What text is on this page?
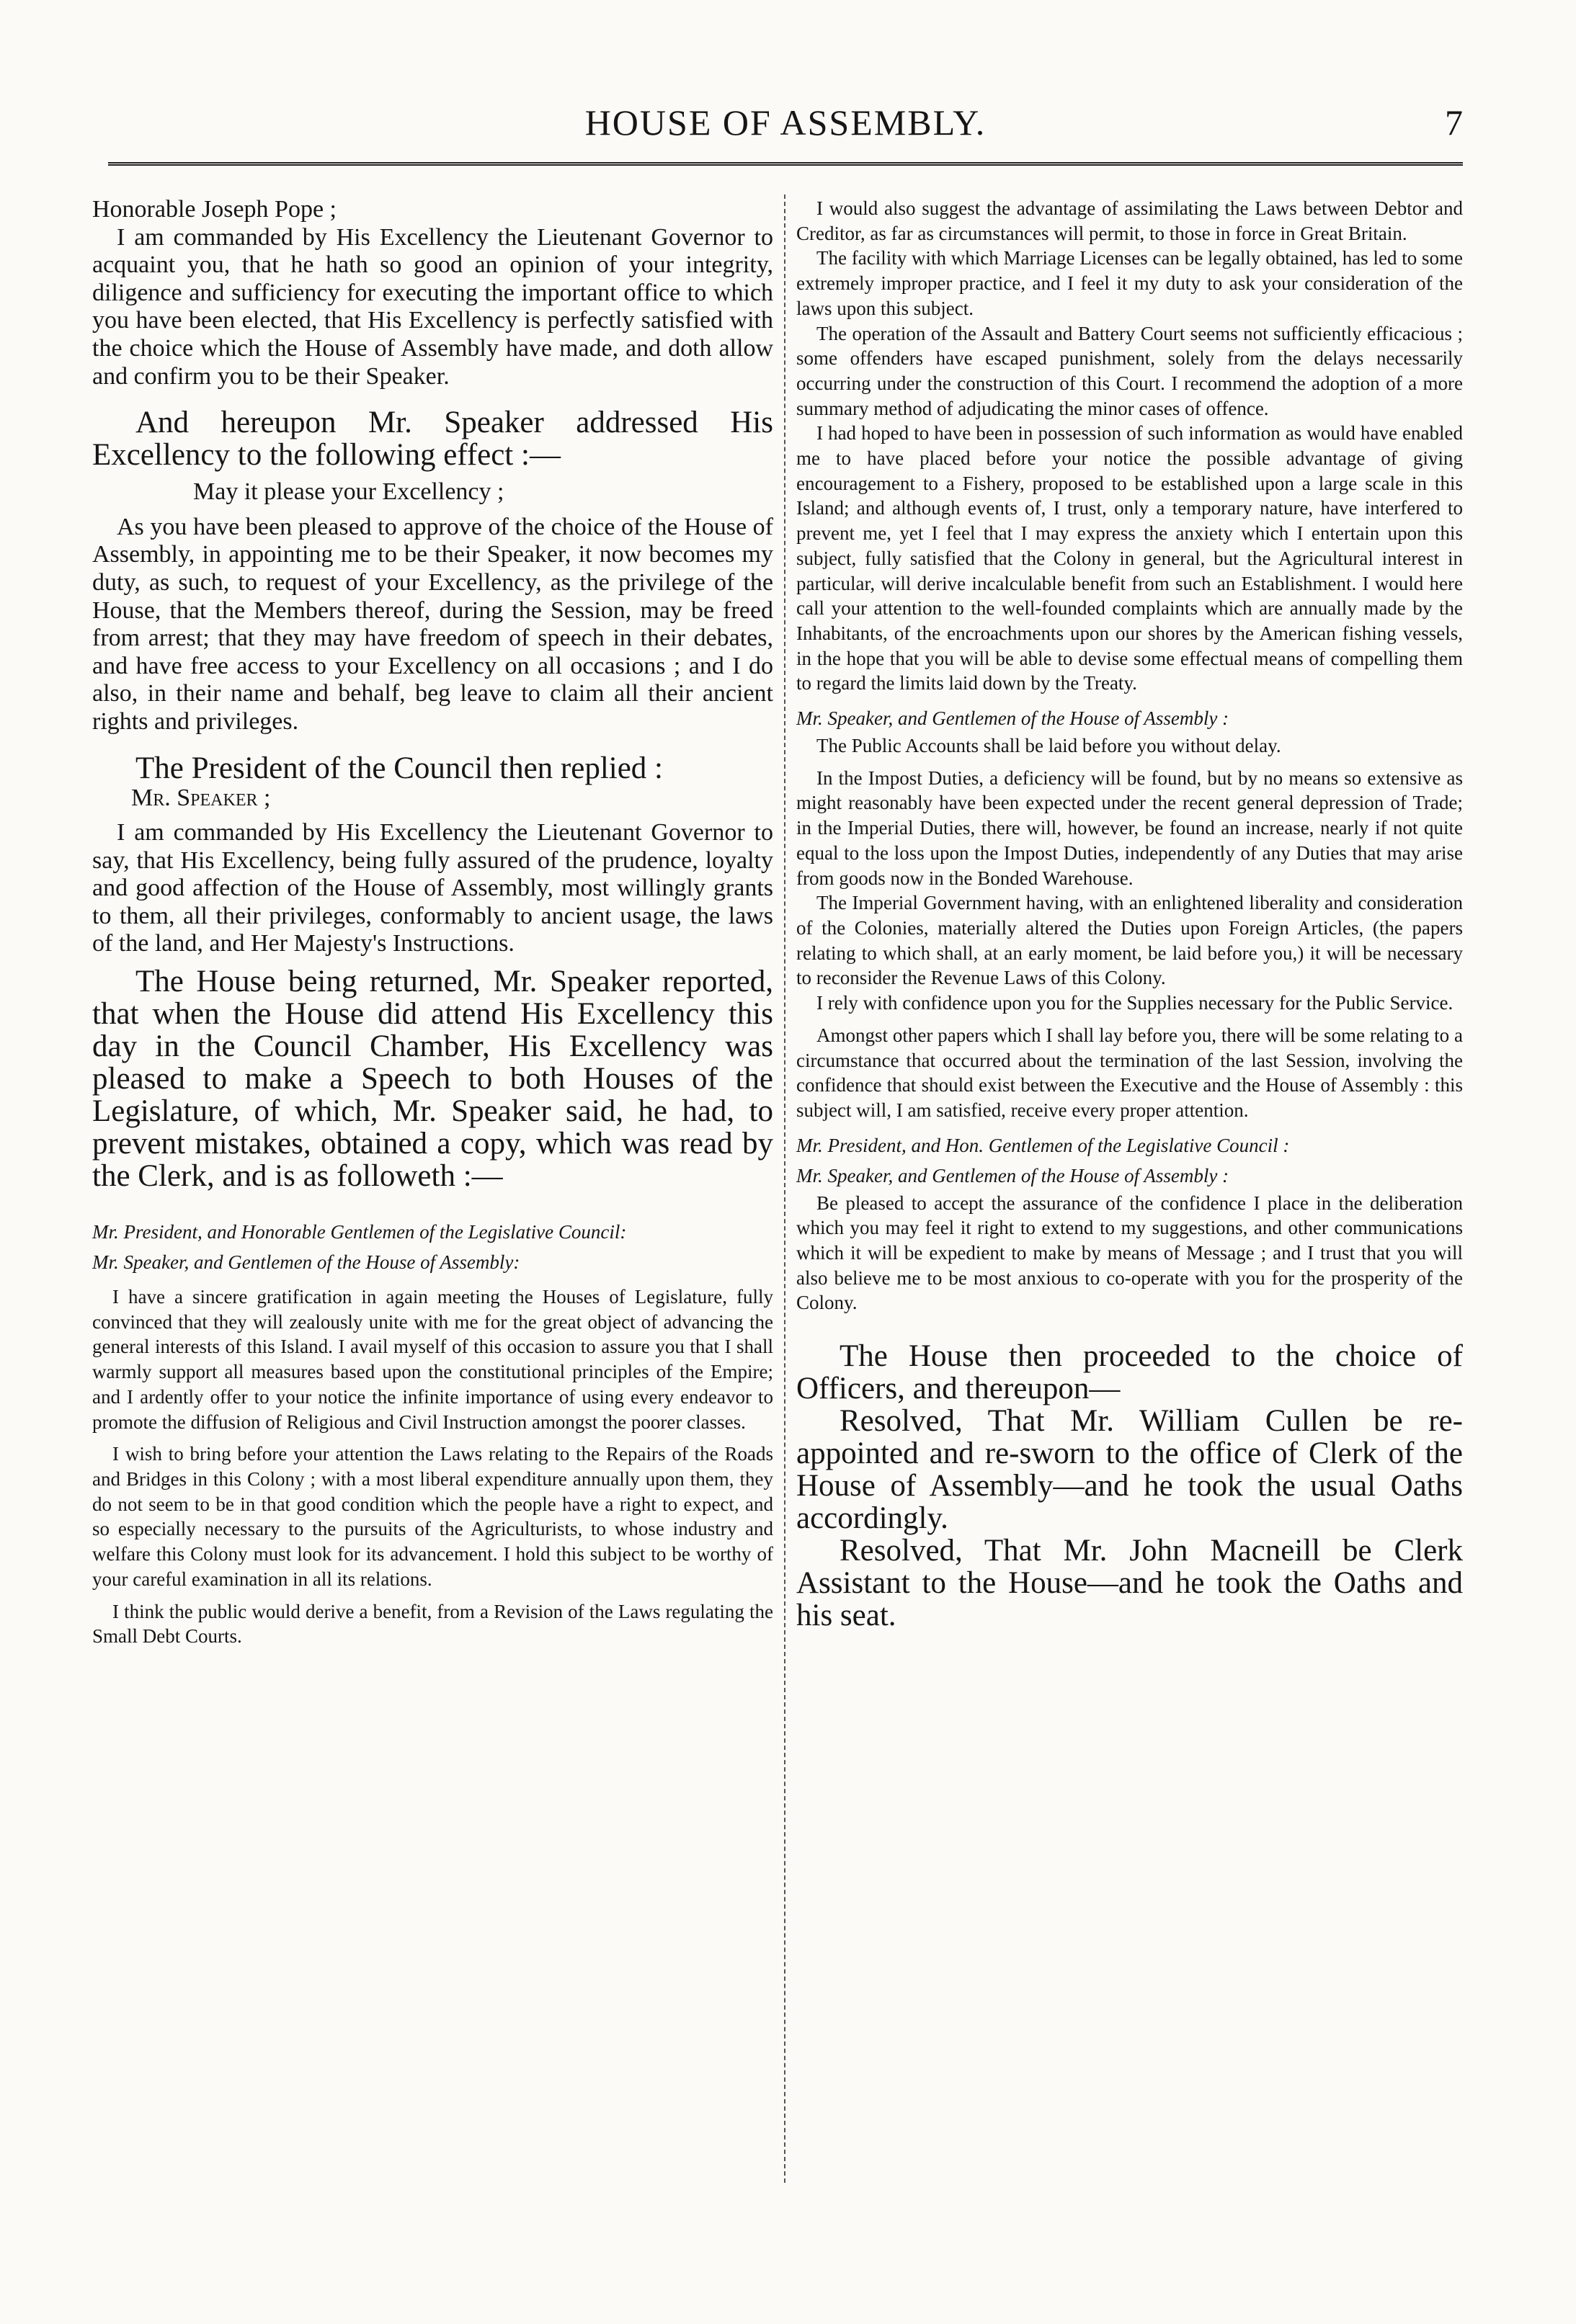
HOUSE OF ASSEMBLY.	7

Honorable Joseph Pope ;

I am commanded by His Excellency the Lieutenant Governor to acquaint you, that he hath so good an opinion of your integrity, diligence and sufficiency for executing the important office to which you have been elected, that His Excellency is perfectly satisfied with the choice which the House of Assembly have made, and doth allow and confirm you to be their Speaker.

And hereupon Mr. Speaker addressed His Excellency to the following effect :—

May it please your Excellency ;

As you have been pleased to approve of the choice of the House of Assembly, in appointing me to be their Speaker, it now becomes my duty, as such, to request of your Excellency, as the privilege of the House, that the Members thereof, during the Session, may be freed from arrest; that they may have freedom of speech in their debates, and have free access to your Excellency on all occasions ; and I do also, in their name and behalf, beg leave to claim all their ancient rights and privileges.

The President of the Council then replied :

Mr. Speaker ;

I am commanded by His Excellency the Lieutenant Governor to say, that His Excellency, being fully assured of the prudence, loyalty and good affection of the House of Assembly, most willingly grants to them, all their privileges, conformably to ancient usage, the laws of the land, and Her Majesty's Instructions.

The House being returned, Mr. Speaker reported, that when the House did attend His Excellency this day in the Council Chamber, His Excellency was pleased to make a Speech to both Houses of the Legislature, of which, Mr. Speaker said, he had, to prevent mistakes, obtained a copy, which was read by the Clerk, and is as followeth :—

Mr. President, and Honorable Gentlemen of the Legislative Council:

Mr. Speaker, and Gentlemen of the House of Assembly:

I have a sincere gratification in again meeting the Houses of Legislature, fully convinced that they will zealously unite with me for the great object of advancing the general interests of this Island. I avail myself of this occasion to assure you that I shall warmly support all measures based upon the constitutional principles of the Empire; and I ardently offer to your notice the infinite importance of using every endeavor to promote the diffusion of Religious and Civil Instruction amongst the poorer classes.

I wish to bring before your attention the Laws relating to the Repairs of the Roads and Bridges in this Colony ; with a most liberal expenditure annually upon them, they do not seem to be in that good condition which the people have a right to expect, and so especially necessary to the pursuits of the Agriculturists, to whose industry and welfare this Colony must look for its advancement. I hold this subject to be worthy of your careful examination in all its relations.

I think the public would derive a benefit, from a Revision of the Laws regulating the Small Debt Courts.

I would also suggest the advantage of assimilating the Laws between Debtor and Creditor, as far as circumstances will permit, to those in force in Great Britain.

The facility with which Marriage Licenses can be legally obtained, has led to some extremely improper practice, and I feel it my duty to ask your consideration of the laws upon this subject.

The operation of the Assault and Battery Court seems not sufficiently efficacious ; some offenders have escaped punishment, solely from the delays necessarily occurring under the construction of this Court. I recommend the adoption of a more summary method of adjudicating the minor cases of offence.

I had hoped to have been in possession of such information as would have enabled me to have placed before your notice the possible advantage of giving encouragement to a Fishery, proposed to be established upon a large scale in this Island; and although events of, I trust, only a temporary nature, have interfered to prevent me, yet I feel that I may express the anxiety which I entertain upon this subject, fully satisfied that the Colony in general, but the Agricultural interest in particular, will derive incalculable benefit from such an Establishment. I would here call your attention to the well-founded complaints which are annually made by the Inhabitants, of the encroachments upon our shores by the American fishing vessels, in the hope that you will be able to devise some effectual means of compelling them to regard the limits laid down by the Treaty.

Mr. Speaker, and Gentlemen of the House of Assembly :

The Public Accounts shall be laid before you without delay.

In the Impost Duties, a deficiency will be found, but by no means so extensive as might reasonably have been expected under the recent general depression of Trade; in the Imperial Duties, there will, however, be found an increase, nearly if not quite equal to the loss upon the Impost Duties, independently of any Duties that may arise from goods now in the Bonded Warehouse.

The Imperial Government having, with an enlightened liberality and consideration of the Colonies, materially altered the Duties upon Foreign Articles, (the papers relating to which shall, at an early moment, be laid before you,) it will be necessary to reconsider the Revenue Laws of this Colony.

I rely with confidence upon you for the Supplies necessary for the Public Service.

Amongst other papers which I shall lay before you, there will be some relating to a circumstance that occurred about the termination of the last Session, involving the confidence that should exist between the Executive and the House of Assembly : this subject will, I am satisfied, receive every proper attention.

Mr. President, and Hon. Gentlemen of the Legislative Council :

Mr. Speaker, and Gentlemen of the House of Assembly :

Be pleased to accept the assurance of the confidence I place in the deliberation which you may feel it right to extend to my suggestions, and other communications which it will be expedient to make by means of Message ; and I trust that you will also believe me to be most anxious to co-operate with you for the prosperity of the Colony.

The House then proceeded to the choice of Officers, and thereupon—

Resolved, That Mr. William Cullen be re-appointed and re-sworn to the office of Clerk of the House of Assembly—and he took the usual Oaths accordingly.

Resolved, That Mr. John Macneill be Clerk Assistant to the House—and he took the Oaths and his seat.
